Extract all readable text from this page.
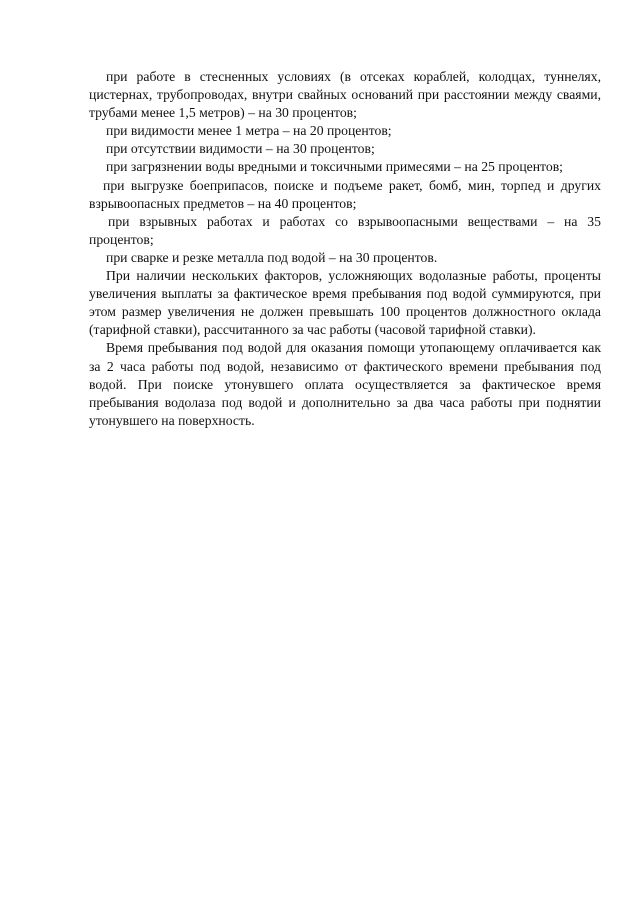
при работе в стесненных условиях (в отсеках кораблей, колодцах, туннелях, цистернах, трубопроводах, внутри свайных оснований при расстоянии между сваями, трубами менее 1,5 метров) – на 30 процентов;

при видимости менее 1 метра – на 20 процентов;

при отсутствии видимости – на 30 процентов;

при загрязнении воды вредными и токсичными примесями – на 25 процентов;

при выгрузке боеприпасов, поиске и подъеме ракет, бомб, мин, торпед и других взрывоопасных предметов – на 40 процентов;

при взрывных работах и работах со взрывоопасными веществами – на 35 процентов;

при сварке и резке металла под водой – на 30 процентов.

При наличии нескольких факторов, усложняющих водолазные работы, проценты увеличения выплаты за фактическое время пребывания под водой суммируются, при этом размер увеличения не должен превышать 100 процентов должностного оклада (тарифной ставки), рассчитанного за час работы (часовой тарифной ставки).

Время пребывания под водой для оказания помощи утопающему оплачивается как за 2 часа работы под водой, независимо от фактического времени пребывания под водой. При поиске утонувшего оплата осуществляется за фактическое время пребывания водолаза под водой и дополнительно за два часа работы при поднятии утонувшего на поверхность.
